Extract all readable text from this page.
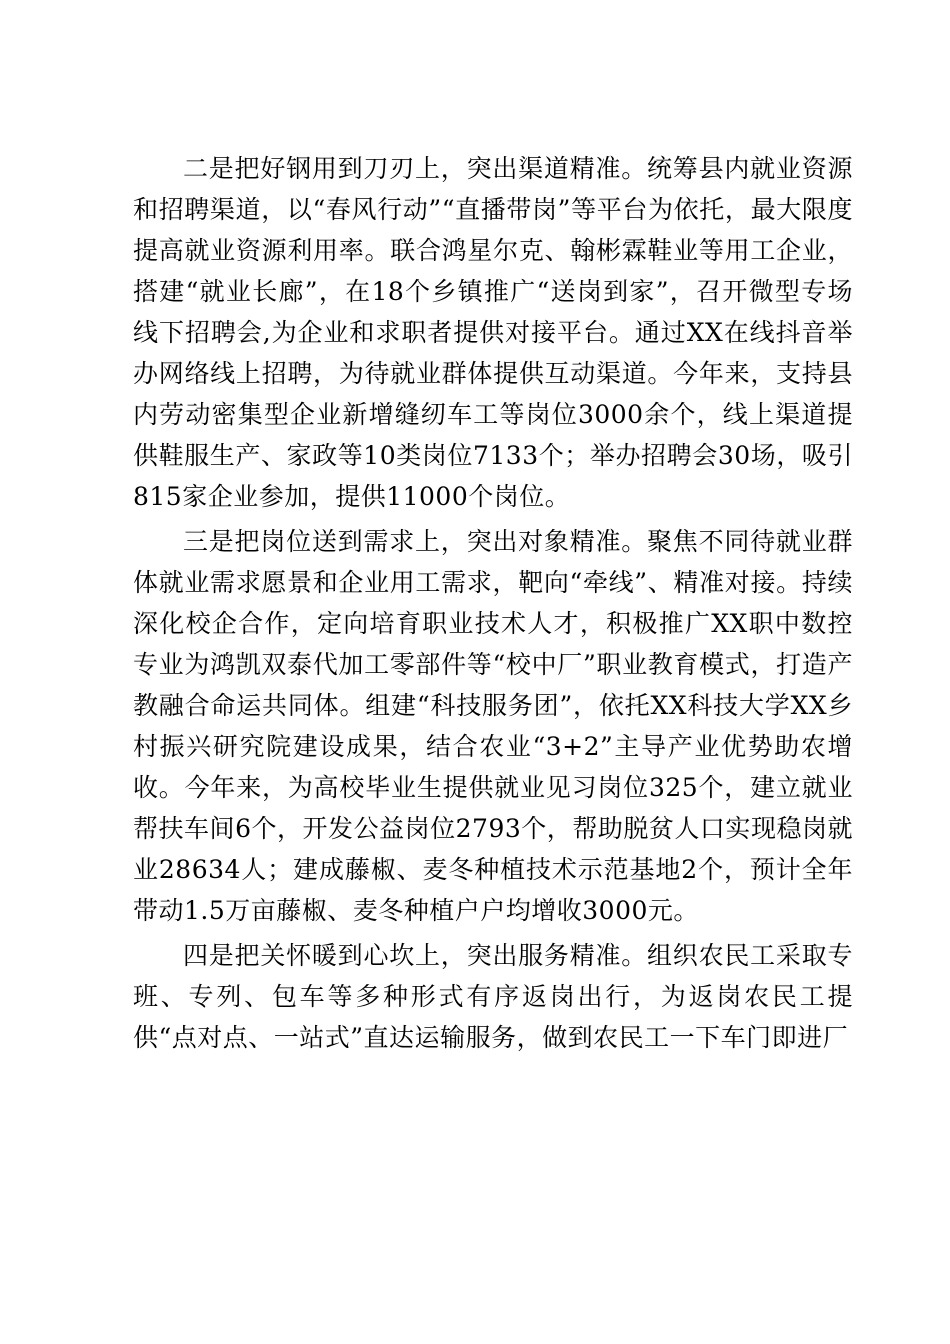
二是把好钢用到刀刃上，突出渠道精准。统筹县内就业资源和招聘渠道，以“春风行动”“直播带岗”等平台为依托，最大限度提高就业资源利用率。联合鸿星尔克、翰彬霖鞋业等用工企业，搭建“就业长廊”，在18个乡镇推广“送岗到家”，召开微型专场线下招聘会,为企业和求职者提供对接平台。通过XX在线抖音举办网络线上招聘，为待就业群体提供互动渠道。今年来，支持县内劳动密集型企业新增缝纫车工等岗位3000余个，线上渠道提供鞋服生产、家政等10类岗位7133个；举办招聘会30场，吸引815家企业参加，提供11000个岗位。

三是把岗位送到需求上，突出对象精准。聚焦不同待就业群体就业需求愿景和企业用工需求，靶向“牵线”、精准对接。持续深化校企合作，定向培育职业技术人才，积极推广XX职中数控专业为鸿凯双泰代加工零部件等“校中厂”职业教育模式，打造产教融合命运共同体。组建“科技服务团”，依托XX科技大学XX乡村振兴研究院建设成果，结合农业“3+2”主导产业优势助农增收。今年来，为高校毕业生提供就业见习岗位325个，建立就业帮扶车间6个，开发公益岗位2793个，帮助脱贫人口实现稳岗就业28634人；建成藤椒、麦冬种植技术示范基地2个，预计全年带动1.5万亩藤椒、麦冬种植户户均增收3000元。

四是把关怀暖到心坎上，突出服务精准。组织农民工采取专班、专列、包车等多种形式有序返岗出行，为返岗农民工提供“点对点、一站式”直达运输服务，做到农民工一下车门即进厂
